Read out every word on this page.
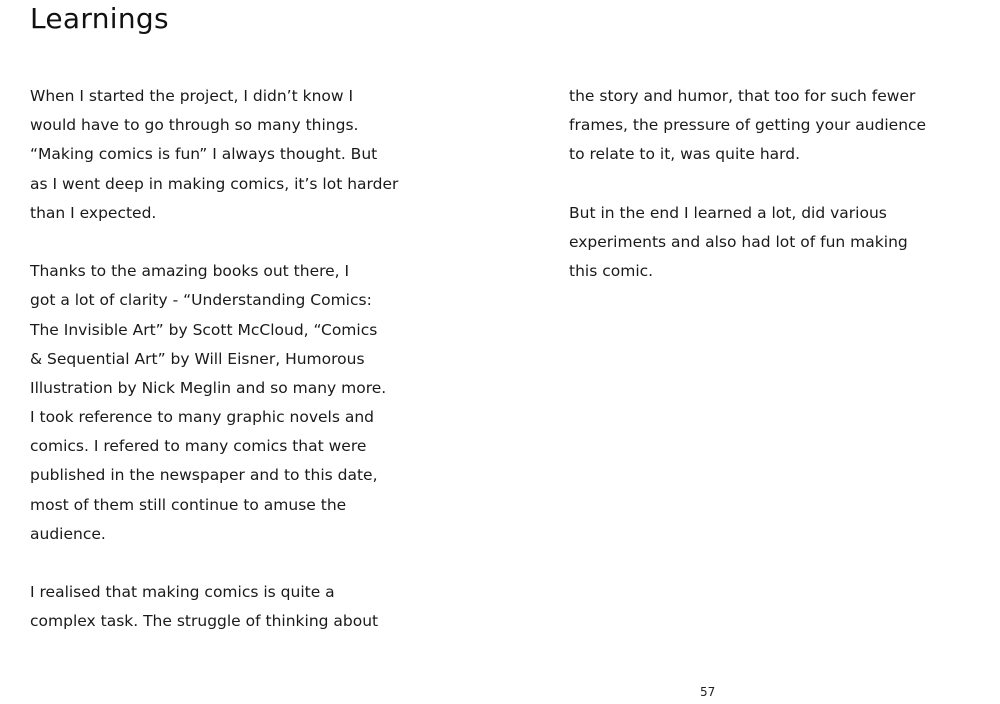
Learnings
When I started the project, I didn’t know I
would have to go through so many things.
“Making comics is fun” I always thought. But
as I went deep in making comics, it’s lot harder
than I expected.
Thanks to the amazing books out there, I
got a lot of clarity - “Understanding Comics:
The Invisible Art” by Scott McCloud, “Comics
& Sequential Art” by Will Eisner, Humorous
Illustration by Nick Meglin and so many more.
I took reference to many graphic novels and
comics. I refered to many comics that were
published in the newspaper and to this date,
most of them still continue to amuse the
audience.
I realised that making comics is quite a
complex task. The struggle of thinking about
the story and humor, that too for such fewer
frames, the pressure of getting your audience
to relate to it, was quite hard.
But in the end I learned a lot, did various
experiments and also had lot of fun making
this comic.
57
